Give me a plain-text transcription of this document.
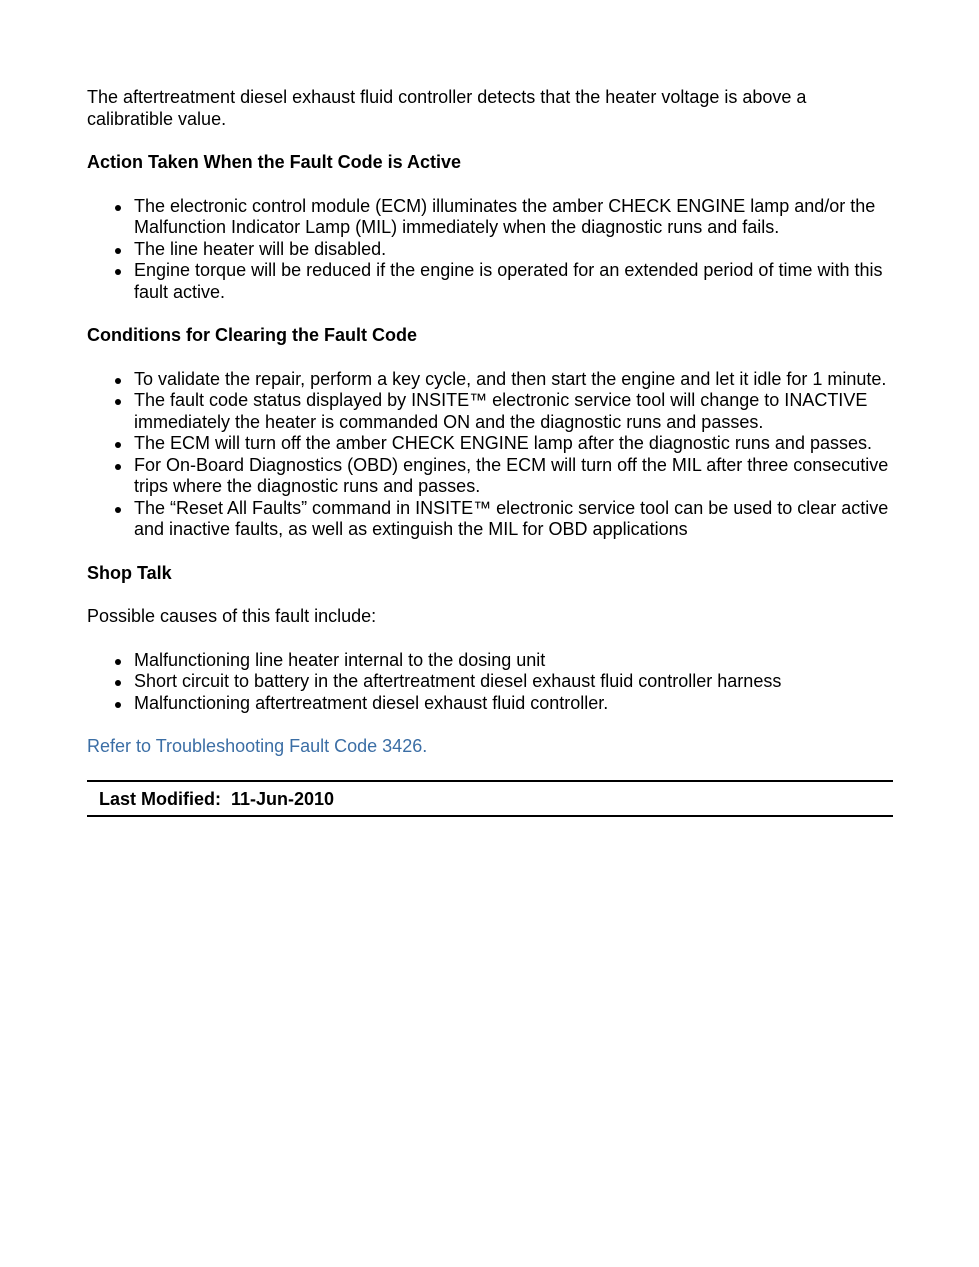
The aftertreatment diesel exhaust fluid controller detects that the heater voltage is above a calibratible value.

Action Taken When the Fault Code is Active
The electronic control module (ECM) illuminates the amber CHECK ENGINE lamp and/or the Malfunction Indicator Lamp (MIL) immediately when the diagnostic runs and fails.
The line heater will be disabled.
Engine torque will be reduced if the engine is operated for an extended period of time with this fault active.
Conditions for Clearing the Fault Code
To validate the repair, perform a key cycle, and then start the engine and let it idle for 1 minute.
The fault code status displayed by INSITE™ electronic service tool will change to INACTIVE immediately the heater is commanded ON and the diagnostic runs and passes.
The ECM will turn off the amber CHECK ENGINE lamp after the diagnostic runs and passes.
For On-Board Diagnostics (OBD) engines, the ECM will turn off the MIL after three consecutive trips where the diagnostic runs and passes.
The “Reset All Faults” command in INSITE™ electronic service tool can be used to clear active and inactive faults, as well as extinguish the MIL for OBD applications
Shop Talk

Possible causes of this fault include:

Malfunctioning line heater internal to the dosing unit
Short circuit to battery in the aftertreatment diesel exhaust fluid controller harness
Malfunctioning aftertreatment diesel exhaust fluid controller.
Refer to Troubleshooting Fault Code 3426.
Last Modified: 11-Jun-2010
